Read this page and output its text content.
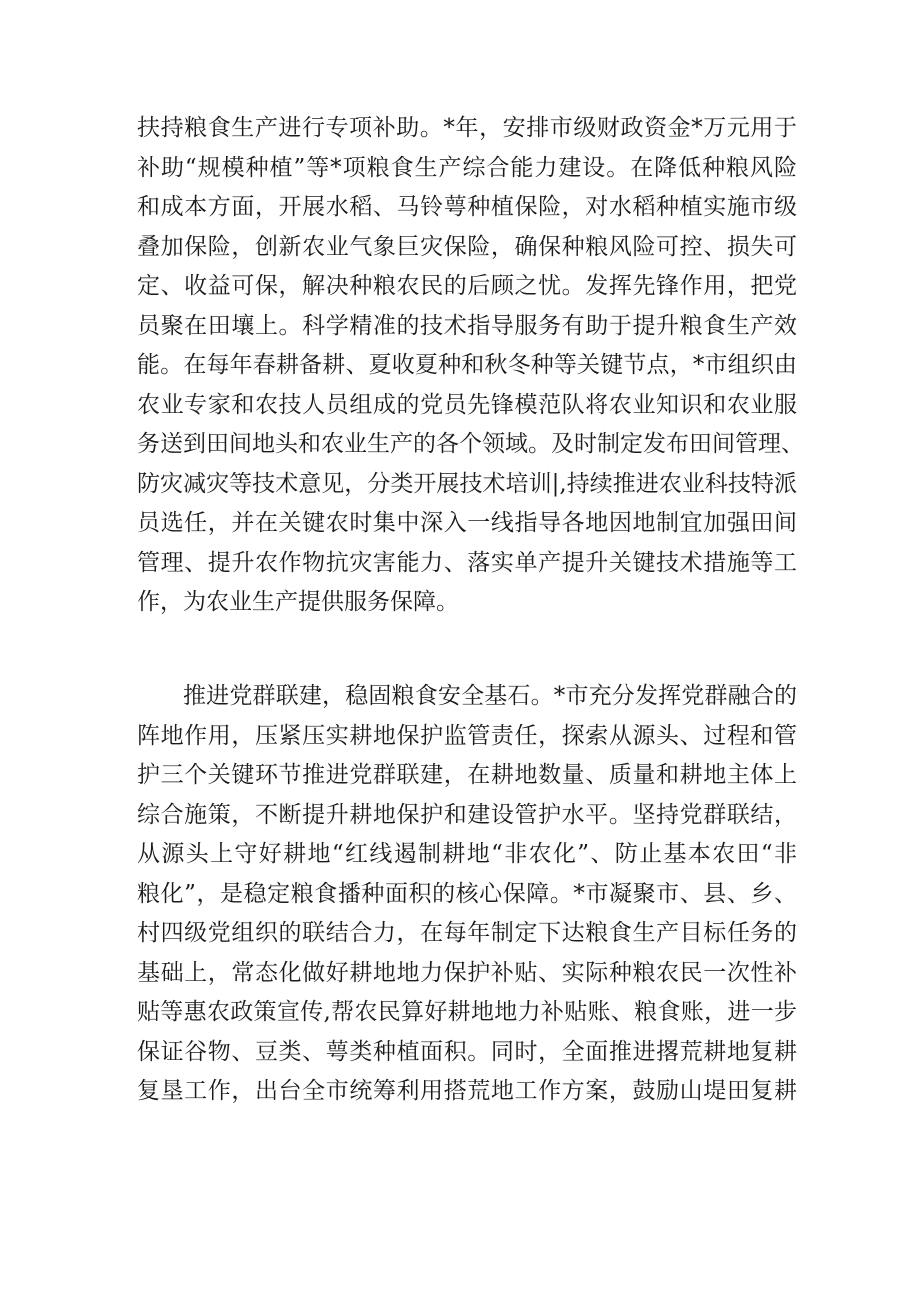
扶持粮食生产进行专项补助。*年，安排市级财政资金*万元用于
补助“规模种植”等*项粮食生产综合能力建设。在降低种粮风险
和成本方面，开展水稻、马铃萼种植保险，对水稻种植实施市级
叠加保险，创新农业气象巨灾保险，确保种粮风险可控、损失可
定、收益可保，解决种粮农民的后顾之忧。发挥先锋作用，把党
员聚在田壤上。科学精准的技术指导服务有助于提升粮食生产效
能。在每年春耕备耕、夏收夏种和秋冬种等关键节点，*市组织由
农业专家和农技人员组成的党员先锋模范队将农业知识和农业服
务送到田间地头和农业生产的各个领域。及时制定发布田间管理、
防灾减灾等技术意见，分类开展技术培训|,持续推进农业科技特派
员选任，并在关键农时集中深入一线指导各地因地制宜加强田间
管理、提升农作物抗灾害能力、落实单产提升关键技术措施等工
作，为农业生产提供服务保障。
推进党群联建，稳固粮食安全基石。*市充分发挥党群融合的
阵地作用，压紧压实耕地保护监管责任，探索从源头、过程和管
护三个关键环节推进党群联建，在耕地数量、质量和耕地主体上
综合施策，不断提升耕地保护和建设管护水平。坚持党群联结，
从源头上守好耕地“红线遏制耕地“非农化”、防止基本农田“非
粮化”，是稳定粮食播种面积的核心保障。*市凝聚市、县、乡、
村四级党组织的联结合力，在每年制定下达粮食生产目标任务的
基础上，常态化做好耕地地力保护补贴、实际种粮农民一次性补
贴等惠农政策宣传,帮农民算好耕地地力补贴账、粮食账，进一步
保证谷物、豆类、萼类种植面积。同时，全面推进撂荒耕地复耕
复垦工作，出台全市统筹利用搭荒地工作方案，鼓励山堤田复耕
